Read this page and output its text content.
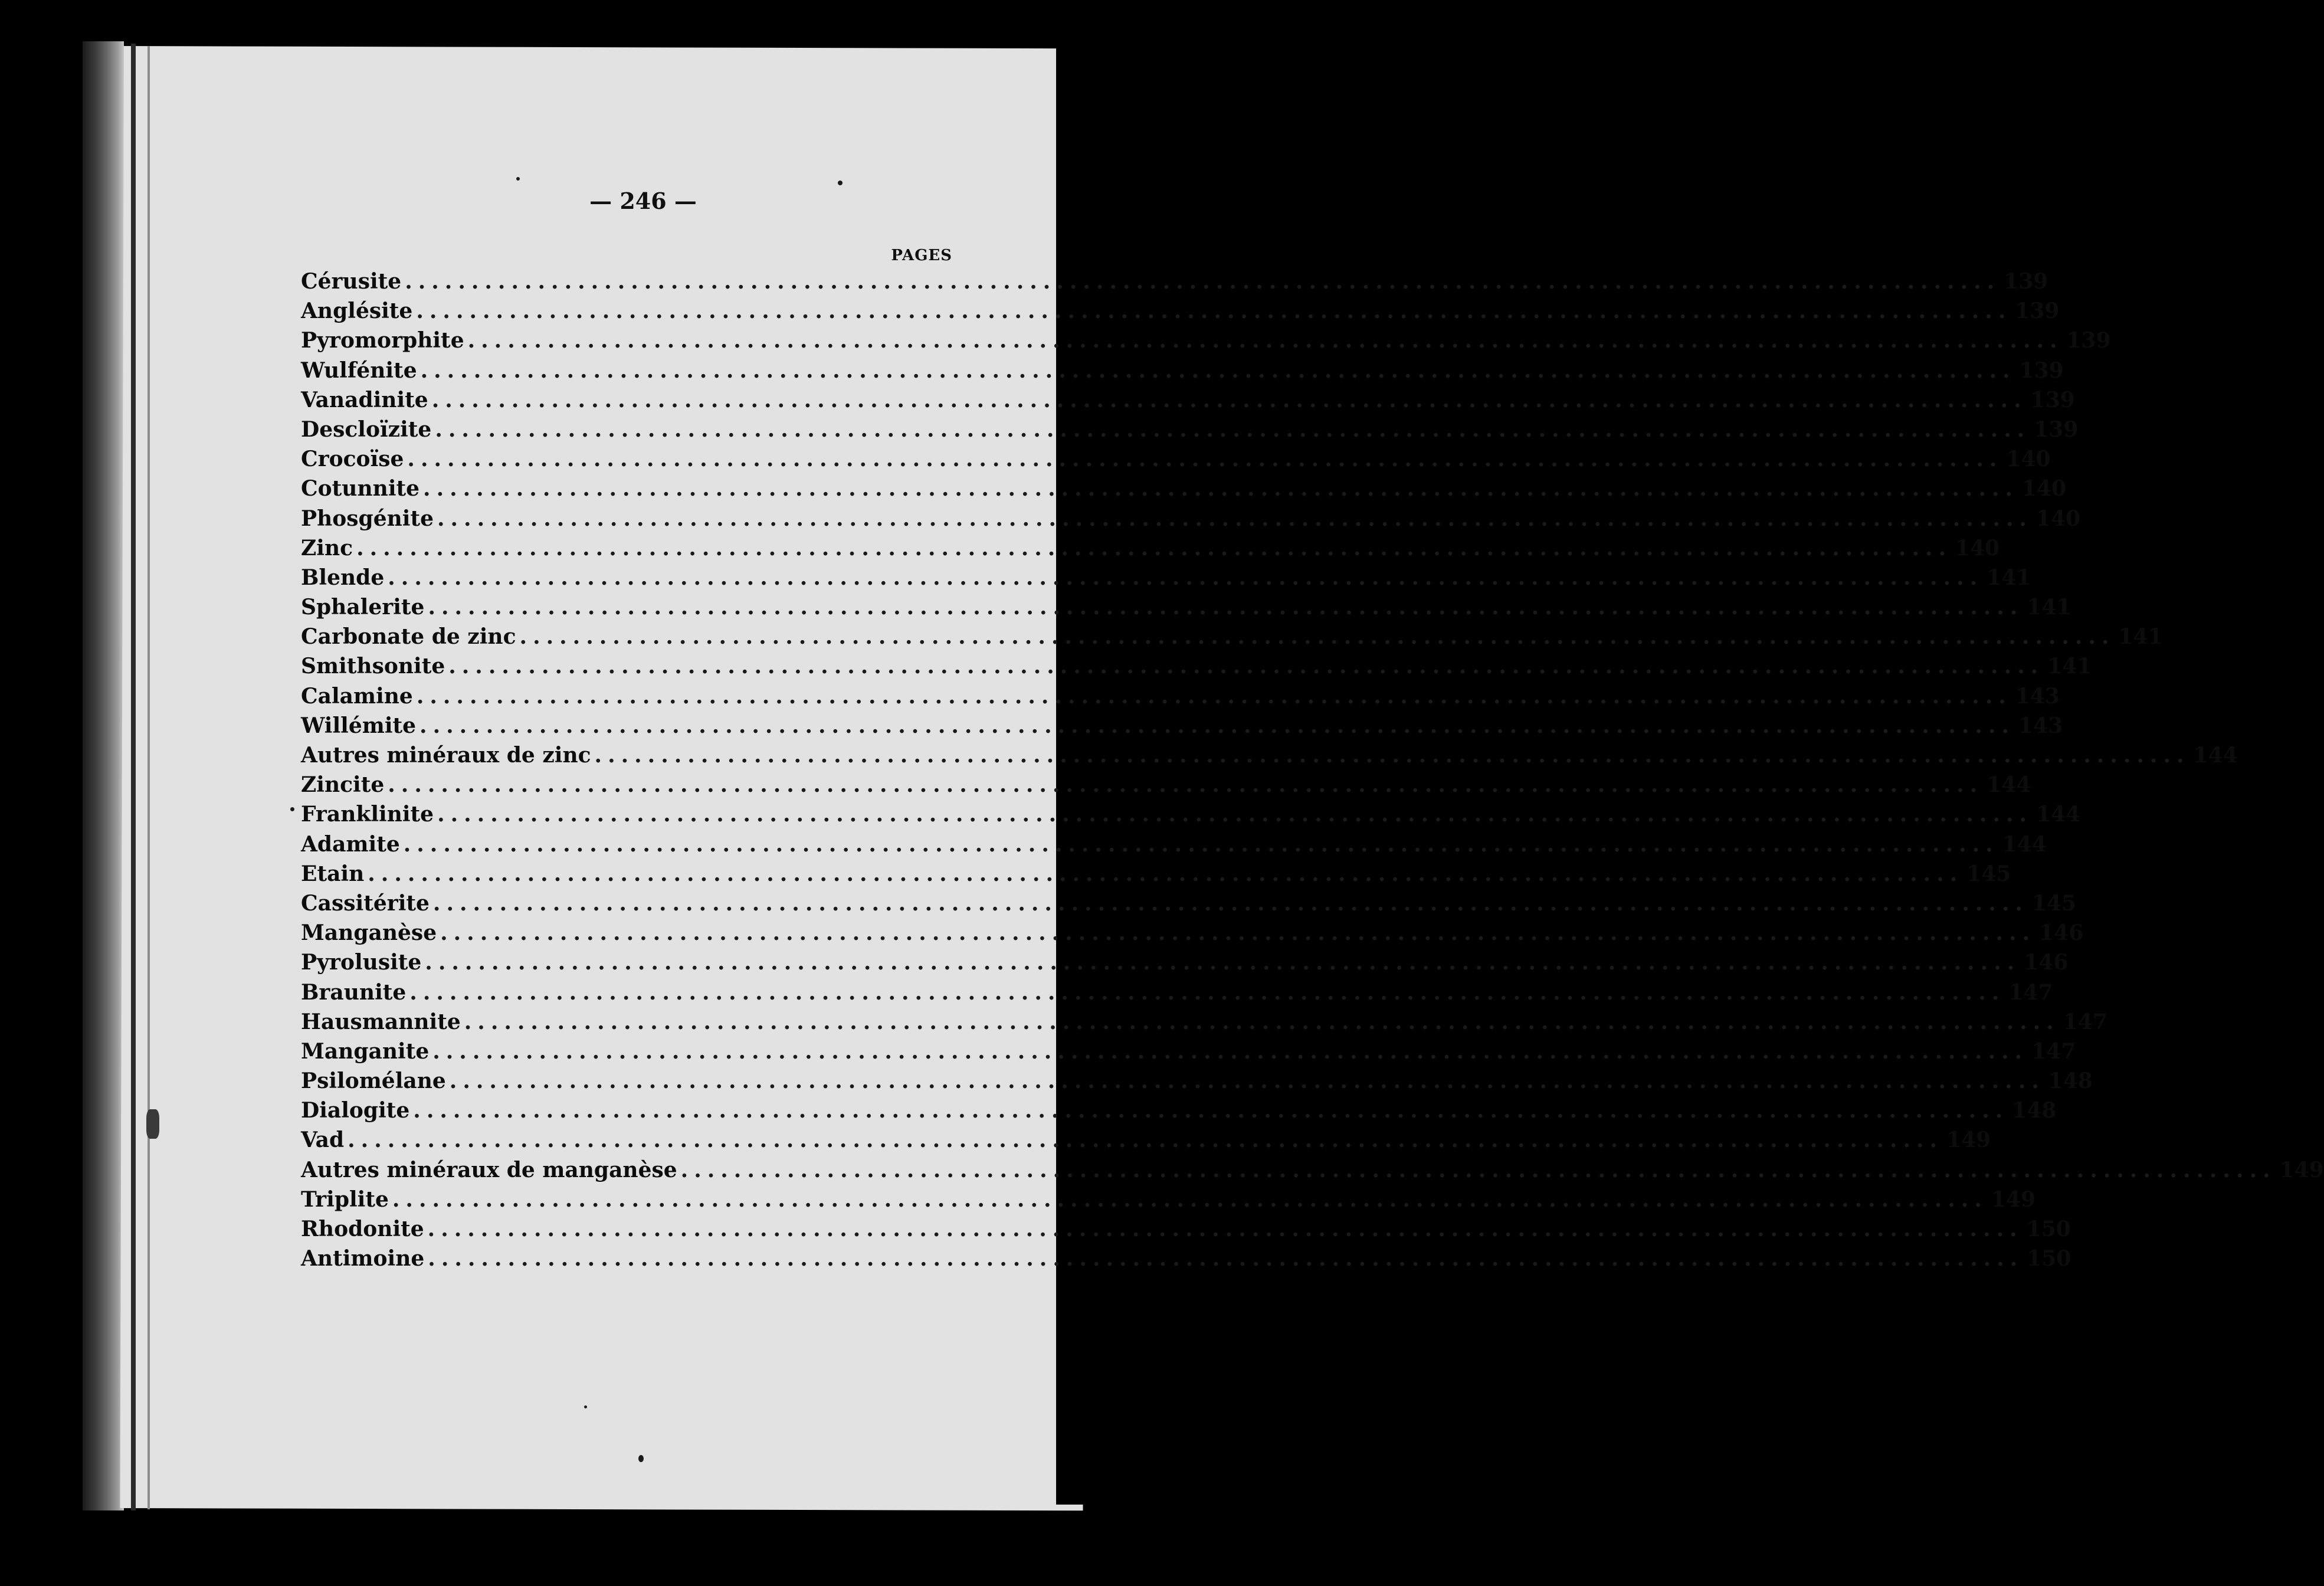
— 246 —
PAGES
Cérusite ........................................................................................................................ 139
Anglésite ........................................................................................................................ 139
Pyromorphite ........................................................................................................................ 139
Wulfénite ........................................................................................................................ 139
Vanadinite ........................................................................................................................ 139
Descloïzite ........................................................................................................................ 139
Crocoïse ........................................................................................................................ 140
Cotunnite ........................................................................................................................ 140
Phosgénite ........................................................................................................................ 140
Zinc ........................................................................................................................ 140
Blende ........................................................................................................................ 141
Sphalerite ........................................................................................................................ 141
Carbonate de zinc ........................................................................................................................ 141
Smithsonite ........................................................................................................................ 141
Calamine ........................................................................................................................ 143
Willémite ........................................................................................................................ 143
Autres minéraux de zinc ........................................................................................................................ 144
Zincite ........................................................................................................................ 144
Franklinite ........................................................................................................................ 144
Adamite ........................................................................................................................ 144
Etain ........................................................................................................................ 145
Cassitérite ........................................................................................................................ 145
Manganèse ........................................................................................................................ 146
Pyrolusite ........................................................................................................................ 146
Braunite ........................................................................................................................ 147
Hausmannite ........................................................................................................................ 147
Manganite ........................................................................................................................ 147
Psilomélane ........................................................................................................................ 148
Dialogite ........................................................................................................................ 148
Vad ........................................................................................................................ 149
Autres minéraux de manganèse ........................................................................................................................ 149
Triplite ........................................................................................................................ 149
Rhodonite ........................................................................................................................ 150
Antimoine ........................................................................................................................ 150
